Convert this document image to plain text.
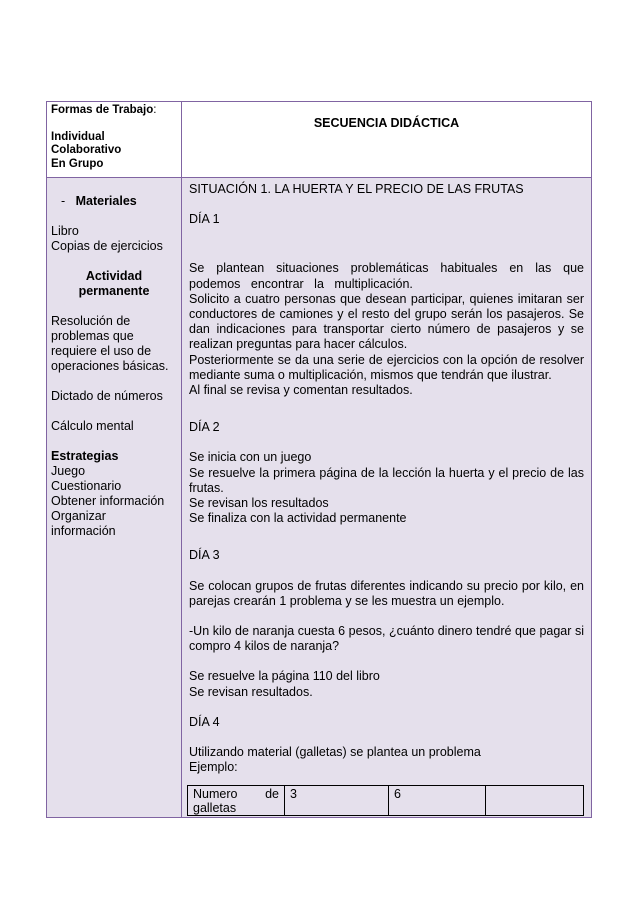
Formas de Trabajo:
Individual
Colaborativo
En Grupo
SECUENCIA DIDÁCTICA
- Materiales
Libro
Copias de ejercicios
Actividad
permanente
Resolución de
problemas que
requiere el uso de
operaciones básicas.
Dictado de números
Cálculo mental
Estrategias
Juego
Cuestionario
Obtener información
Organizar
información
SITUACIÓN 1. LA HUERTA Y EL PRECIO DE LAS FRUTAS
DÍA 1
Se plantean situaciones problemáticas habituales en las que podemos encontrar la multiplicación.
Solicito a cuatro personas que desean participar, quienes imitaran ser conductores de camiones y el resto del grupo serán los pasajeros. Se dan indicaciones para transportar cierto número de pasajeros y se realizan preguntas para hacer cálculos.
Posteriormente se da una serie de ejercicios con la opción de resolver mediante suma o multiplicación, mismos que tendrán que ilustrar.
Al final se revisa y comentan resultados.
DÍA 2
Se inicia con un juego
Se resuelve la primera página de la lección la huerta y el precio de las frutas.
Se revisan los resultados
Se finaliza con la actividad permanente
DÍA 3
Se colocan grupos de frutas diferentes indicando su precio por kilo, en parejas crearán 1 problema y se les muestra un ejemplo.
-Un kilo de naranja cuesta 6 pesos, ¿cuánto dinero tendré que pagar si compro 4 kilos de naranja?
Se resuelve la página 110 del libro
Se revisan resultados.
DÍA 4
Utilizando material (galletas) se plantea un problema
Ejemplo:
Numero de
galletas
3	6
